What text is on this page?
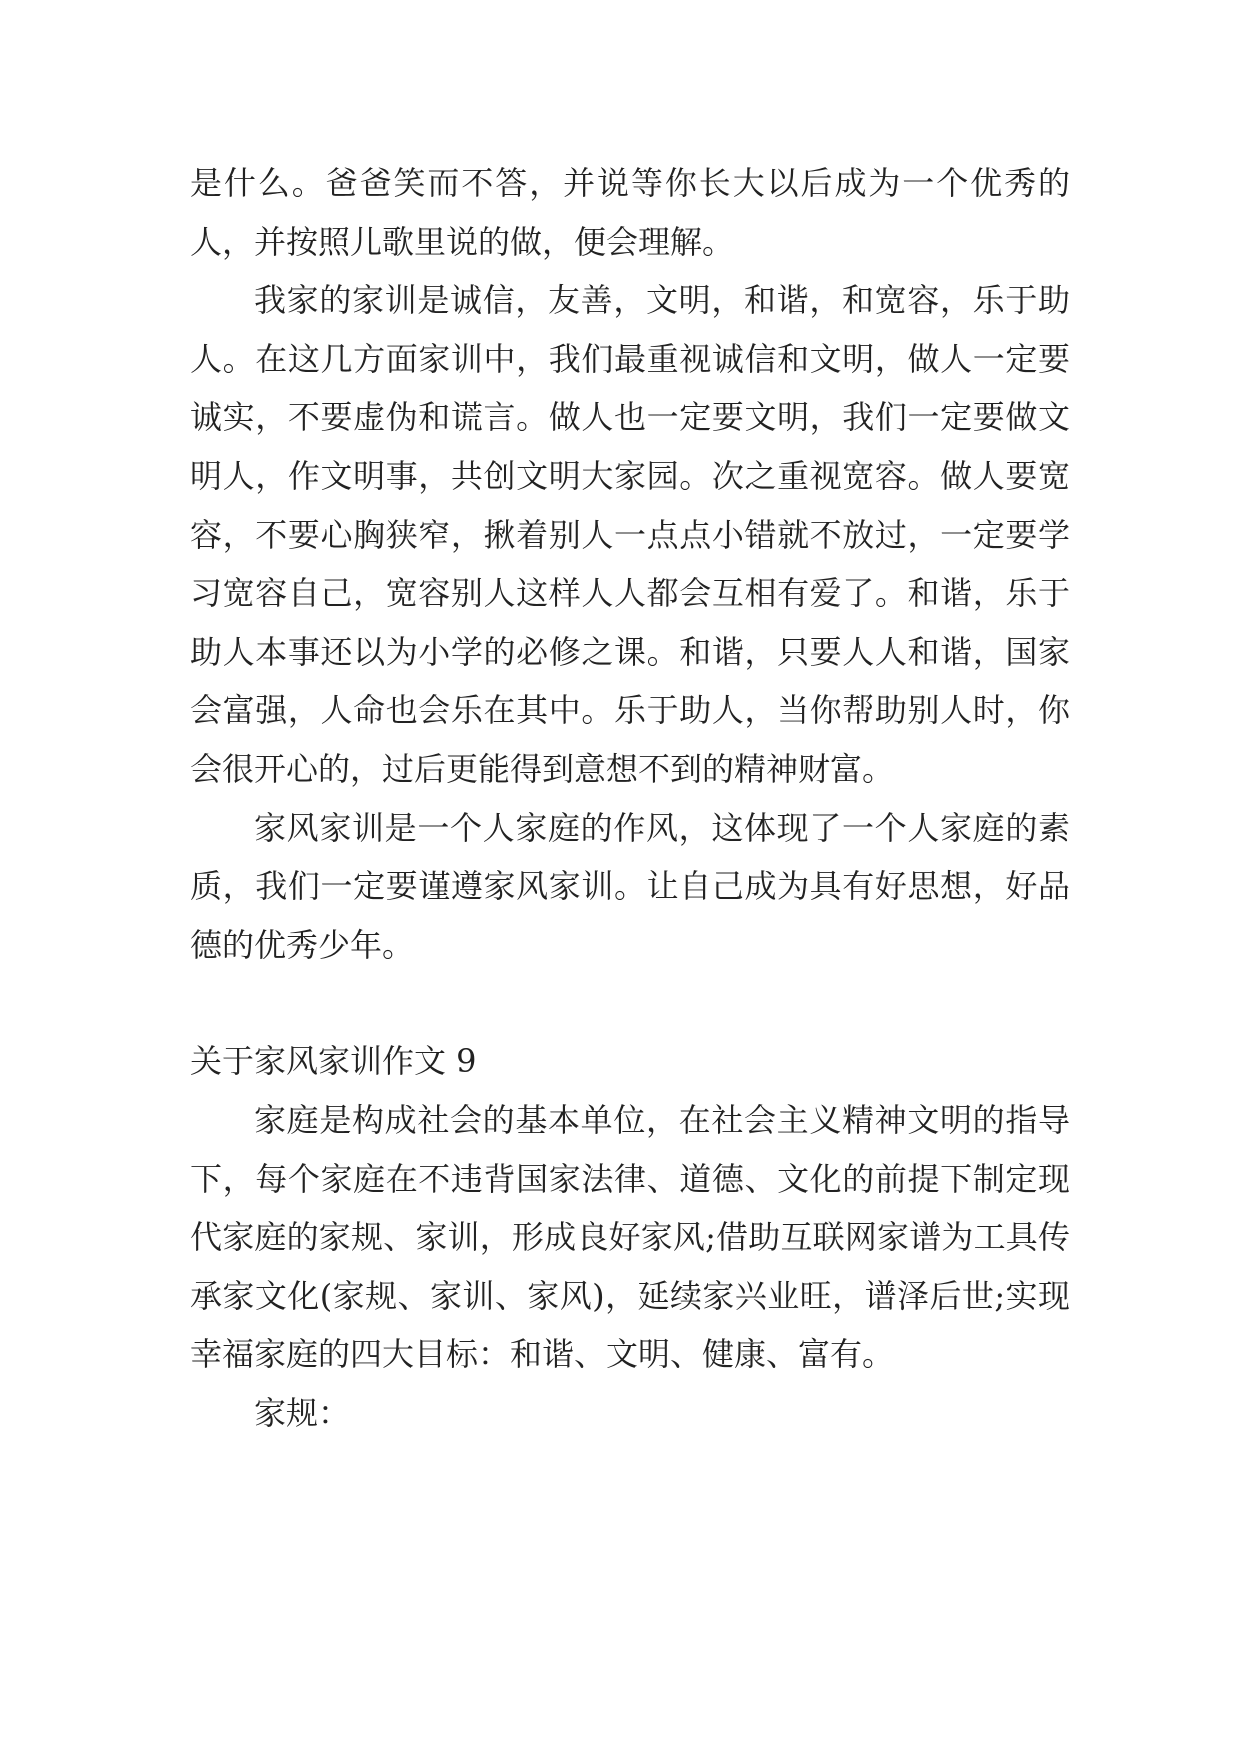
是什么。爸爸笑而不答，并说等你长大以后成为一个优秀的人，并按照儿歌里说的做，便会理解。

我家的家训是诚信，友善，文明，和谐，和宽容，乐于助人。在这几方面家训中，我们最重视诚信和文明，做人一定要诚实，不要虚伪和谎言。做人也一定要文明，我们一定要做文明人，作文明事，共创文明大家园。次之重视宽容。做人要宽容，不要心胸狭窄，揪着别人一点点小错就不放过，一定要学习宽容自己，宽容别人这样人人都会互相有爱了。和谐，乐于助人本事还以为小学的必修之课。和谐，只要人人和谐，国家会富强，人命也会乐在其中。乐于助人，当你帮助别人时，你会很开心的，过后更能得到意想不到的精神财富。

家风家训是一个人家庭的作风，这体现了一个人家庭的素质，我们一定要谨遵家风家训。让自己成为具有好思想，好品德的优秀少年。

关于家风家训作文 9

家庭是构成社会的基本单位，在社会主义精神文明的指导下，每个家庭在不违背国家法律、道德、文化的前提下制定现代家庭的家规、家训，形成良好家风;借助互联网家谱为工具传承家文化(家规、家训、家风)，延续家兴业旺，谱泽后世;实现幸福家庭的四大目标：和谐、文明、健康、富有。

家规：
